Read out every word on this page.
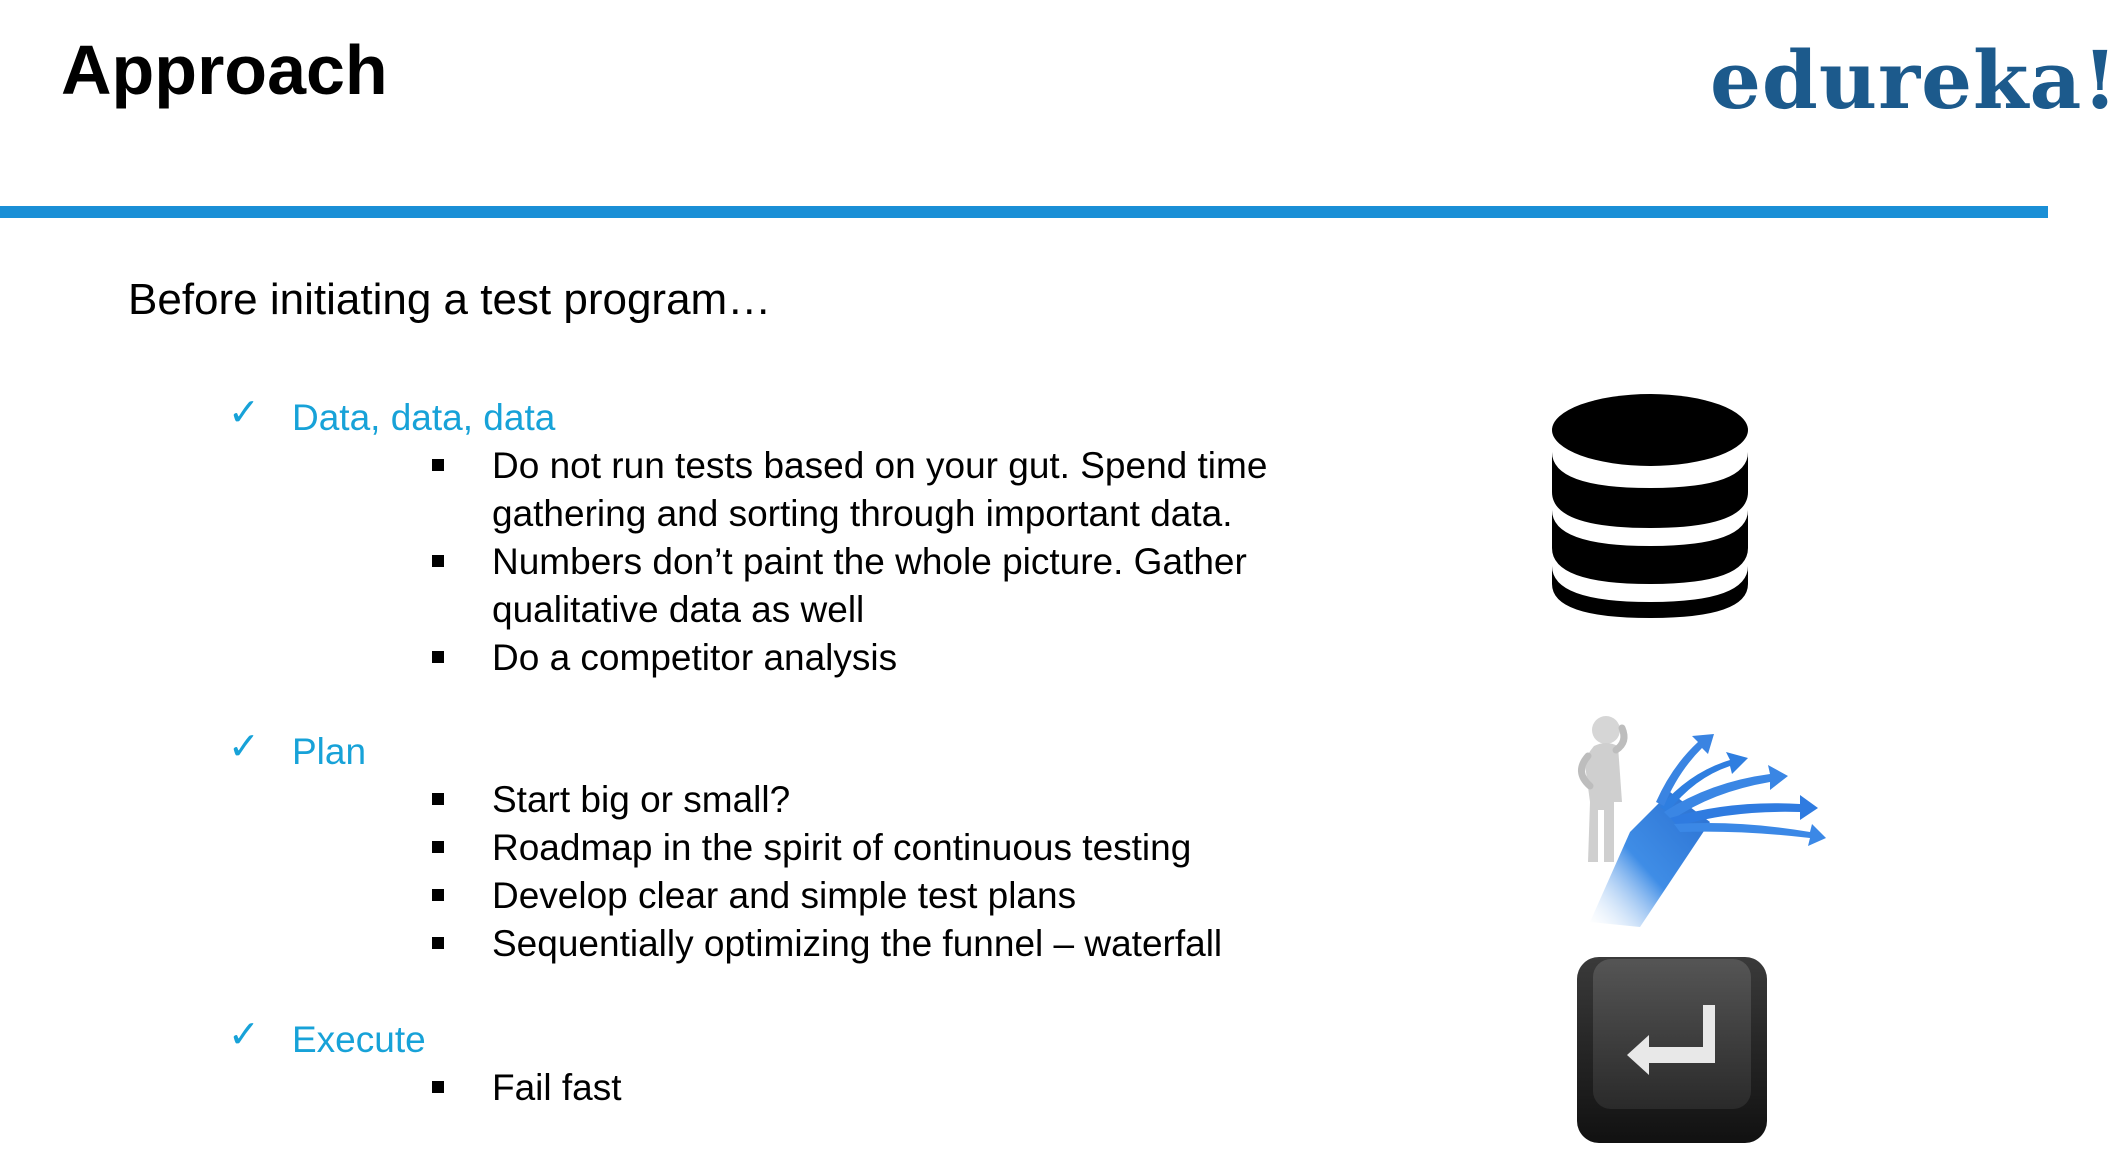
Approach	edureka!

Before initiating a test program…

✓ Data, data, data
Do not run tests based on your gut. Spend time gathering and sorting through important data.
Numbers don’t paint the whole picture. Gather qualitative data as well
Do a competitor analysis
✓ Plan
Start big or small?
Roadmap in the spirit of continuous testing
Develop clear and simple test plans
Sequentially optimizing the funnel – waterfall
✓ Execute
Fail fast
